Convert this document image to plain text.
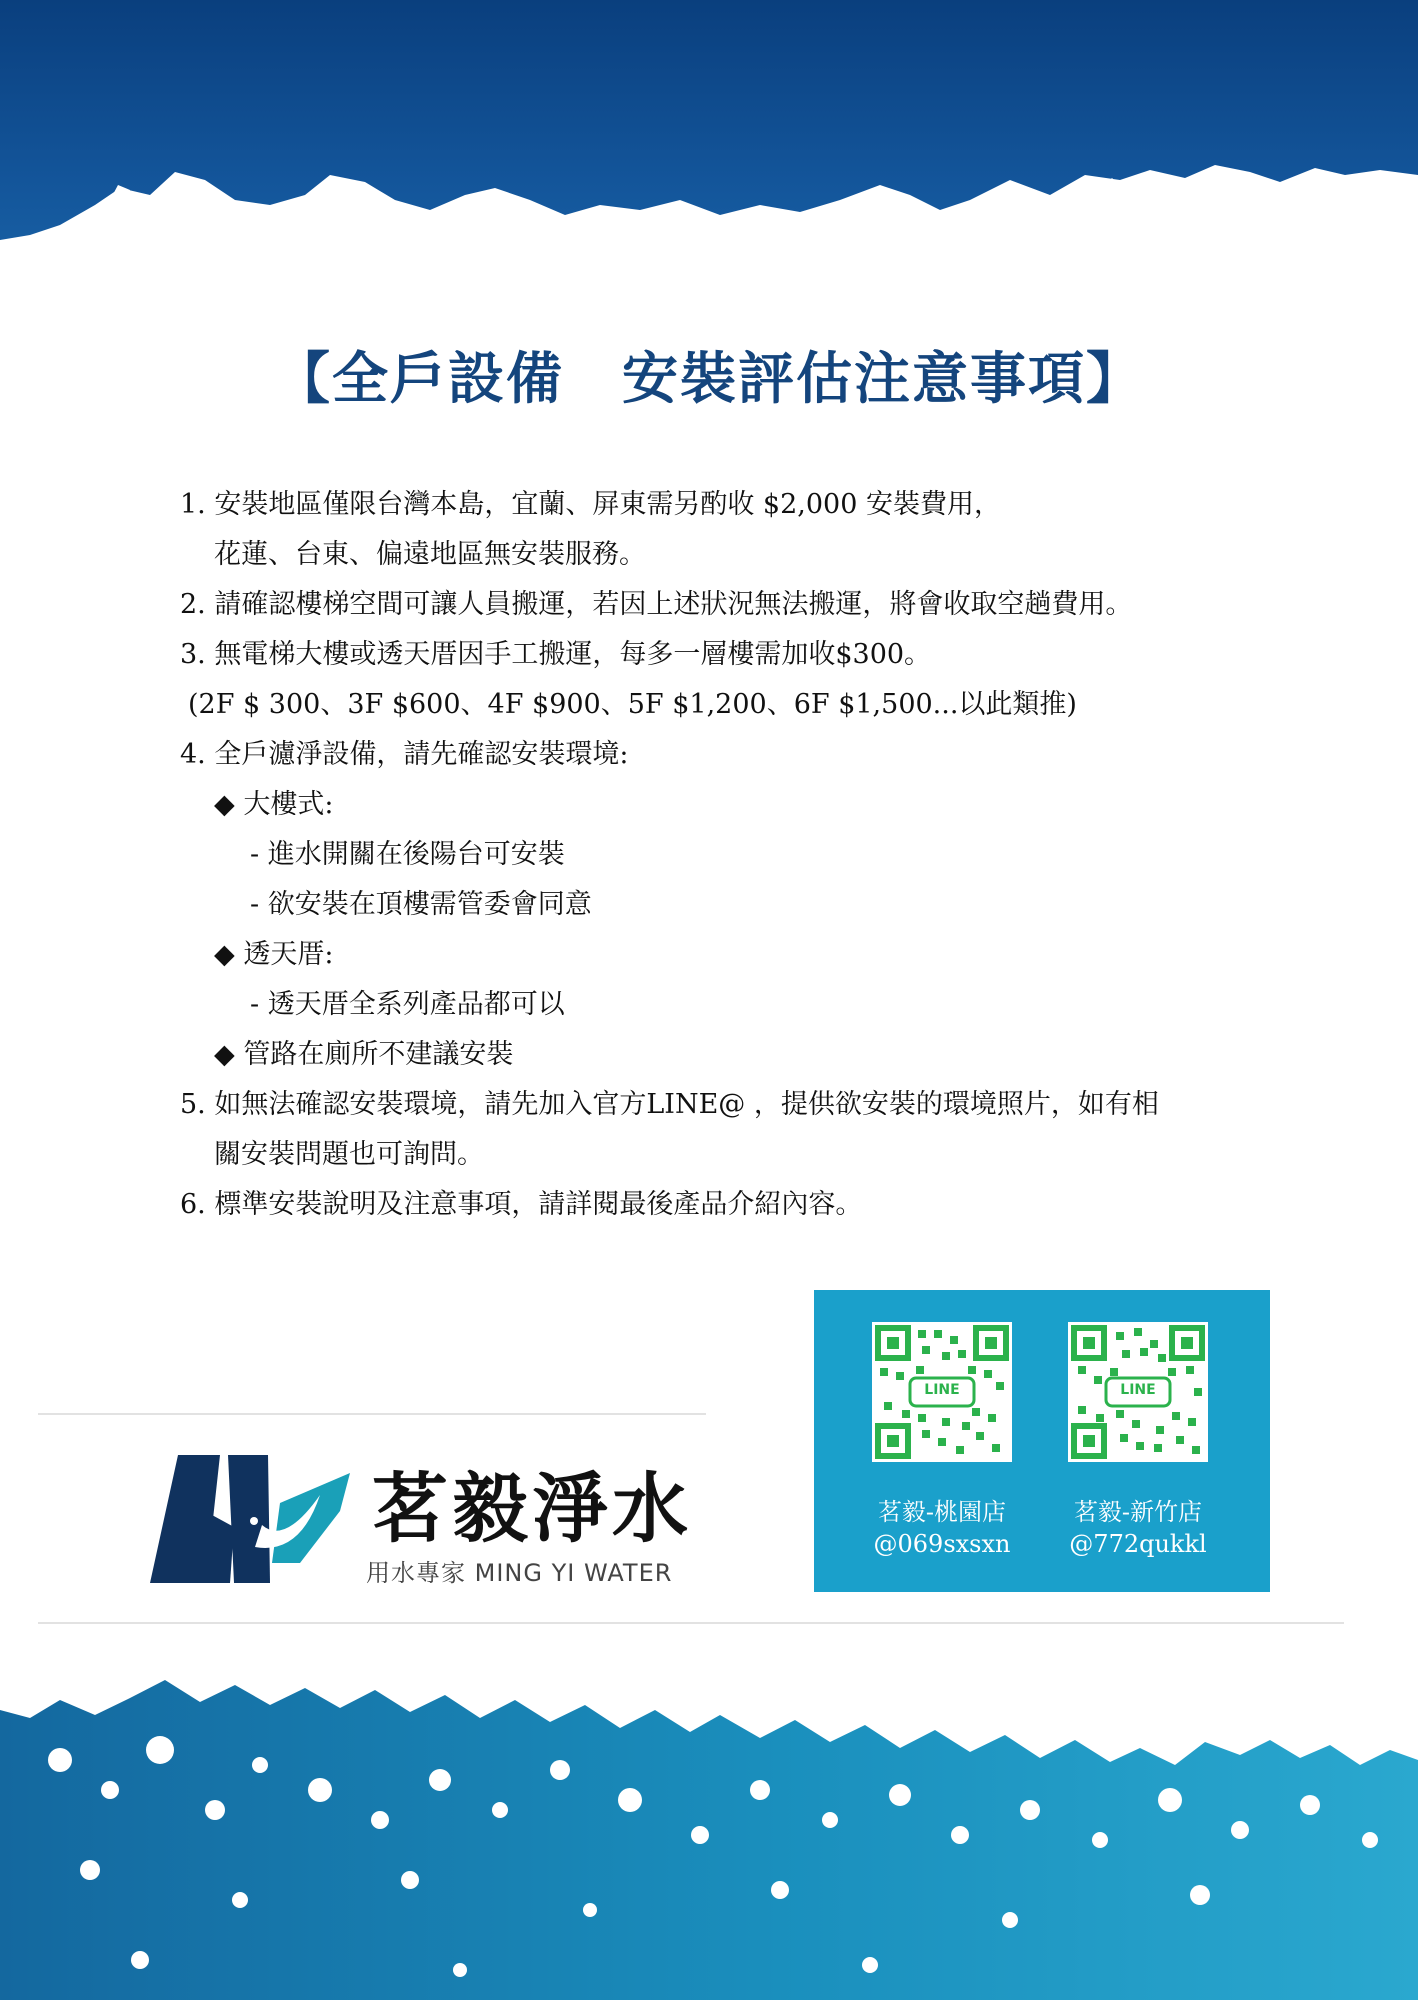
【全戶設備　安裝評估注意事項】
1. 安裝地區僅限台灣本島，宜蘭、屏東需另酌收 $2,000 安裝費用，
花蓮、台東、偏遠地區無安裝服務。
2. 請確認樓梯空間可讓人員搬運，若因上述狀況無法搬運，將會收取空趟費用。
3. 無電梯大樓或透天厝因手工搬運，每多一層樓需加收$300。
(2F $ 300、3F $600、4F $900、5F $1,200、6F $1,500...以此類推)
4. 全戶濾淨設備，請先確認安裝環境:
◆ 大樓式:
- 進水開關在後陽台可安裝
- 欲安裝在頂樓需管委會同意
◆ 透天厝:
- 透天厝全系列產品都可以
◆ 管路在廁所不建議安裝
5. 如無法確認安裝環境，請先加入官方LINE@ ，提供欲安裝的環境照片，如有相
關安裝問題也可詢問。
6. 標準安裝說明及注意事項，請詳閱最後產品介紹內容。
茗毅淨水
用水專家 MING YI WATER
LINE	LINE
茗毅-桃園店
@069sxsxn
茗毅-新竹店
@772qukkl
